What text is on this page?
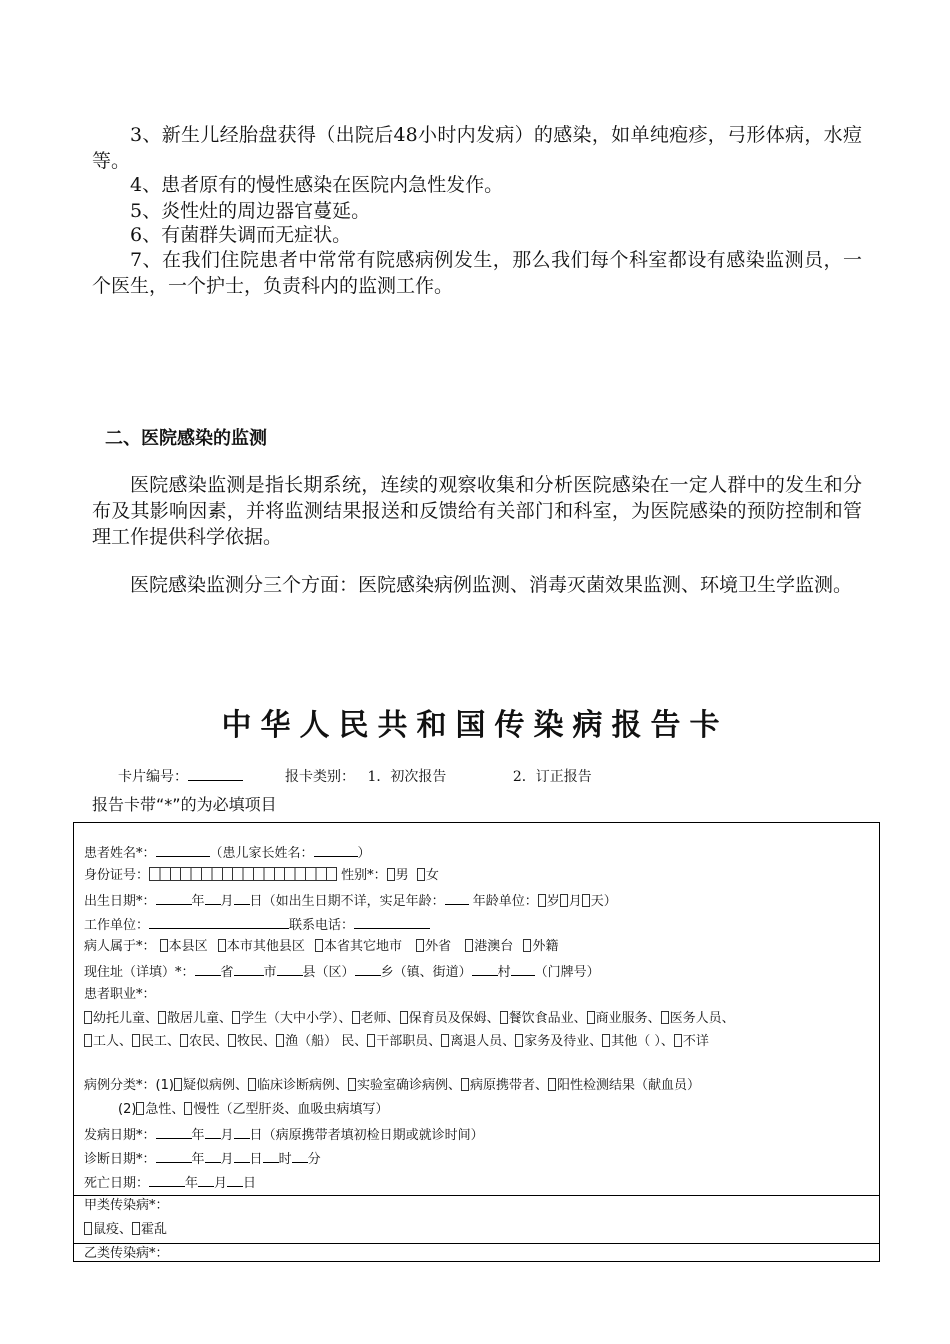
3、新生儿经胎盘获得（出院后48小时内发病）的感染，如单纯疱疹，弓形体病，水痘等。
4、患者原有的慢性感染在医院内急性发作。
5、炎性灶的周边器官蔓延。
6、有菌群失调而无症状。
7、在我们住院患者中常常有院感病例发生，那么我们每个科室都设有感染监测员，一个医生，一个护士，负责科内的监测工作。
二、医院感染的监测
医院感染监测是指长期系统，连续的观察收集和分析医院感染在一定人群中的发生和分布及其影响因素，并将监测结果报送和反馈给有关部门和科室，为医院感染的预防控制和管理工作提供科学依据。
医院感染监测分三个方面：医院感染病例监测、消毒灭菌效果监测、环境卫生学监测。
中华人民共和国传染病报告卡
卡片编号：	报卡类别： 1．初次报告	2．订正报告
报告卡带“*”的为必填项目
患者姓名*：	（患儿家长姓名：	）
身份证号：	性别*： 男 女
出生日期*：	年 月 日（如出生日期不详，实足年龄： 年龄单位： 岁 月 天）
工作单位：	联系电话：
病人属于*： 本县区 本市其他县区 本省其它地市 外省 港澳台 外籍
现住址（详填）*： 省 市 县（区） 乡（镇、街道） 村 （门牌号）
患者职业*：
幼托儿童、 散居儿童、 学生（大中小学）、 老师、 保育员及保姆、 餐饮食品业、 商业服务、 医务人员、
工人、 民工、 农民、 牧民、 渔（船） 民、 干部职员、 离退人员、 家务及待业、 其他（ ）、 不详
病例分类*：(1) 疑似病例、 临床诊断病例、 实验室确诊病例、 病原携带者、 阳性检测结果（献血员）
(2) 急性、 慢性（乙型肝炎、血吸虫病填写）
发病日期*：	年 月 日（病原携带者填初检日期或就诊时间）
诊断日期*：	年 月 日 时 分
死亡日期：	年 月 日
甲类传染病*：
鼠疫、 霍乱
乙类传染病*：
